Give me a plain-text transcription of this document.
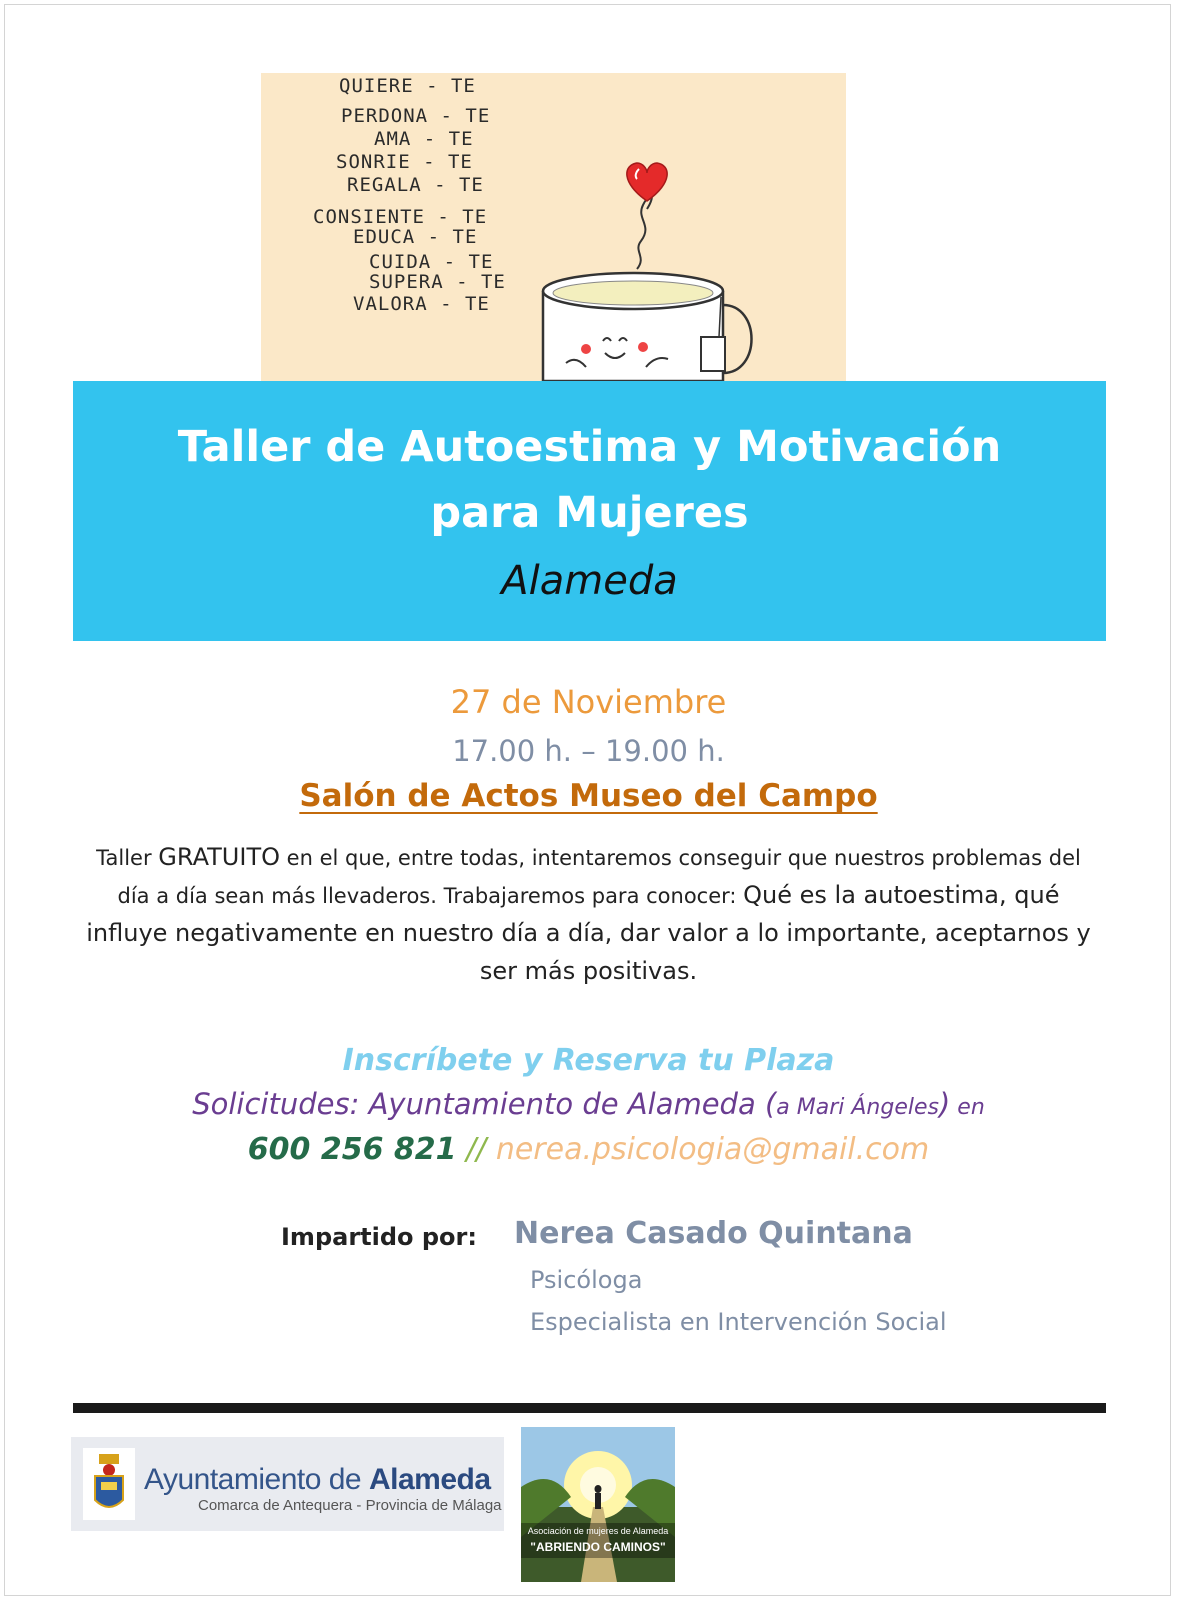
QUIERE - TE
PERDONA - TE
AMA - TE
SONRIE - TE
REGALA - TE
CONSIENTE - TE
EDUCA - TE
CUIDA - TE
SUPERA - TE
VALORA - TE
Taller de Autoestima y Motivación
para Mujeres
Alameda
27 de Noviembre
17.00 h. – 19.00 h.
Salón de Actos Museo del Campo
Taller GRATUITO en el que, entre todas, intentaremos conseguir que nuestros problemas del día a día sean más llevaderos. Trabajaremos para conocer: Qué es la autoestima, qué influye negativamente en nuestro día a día, dar valor a lo importante, aceptarnos y ser más positivas.
Inscríbete y Reserva tu Plaza
Solicitudes: Ayuntamiento de Alameda (a Mari Ángeles) en
600 256 821 // nerea.psicologia@gmail.com
Impartido por: Nerea Casado Quintana
Psicóloga
Especialista en Intervención Social
Ayuntamiento de Alameda
Comarca de Antequera - Provincia de Málaga
Asociación de mujeres de Alameda
"ABRIENDO CAMINOS"
